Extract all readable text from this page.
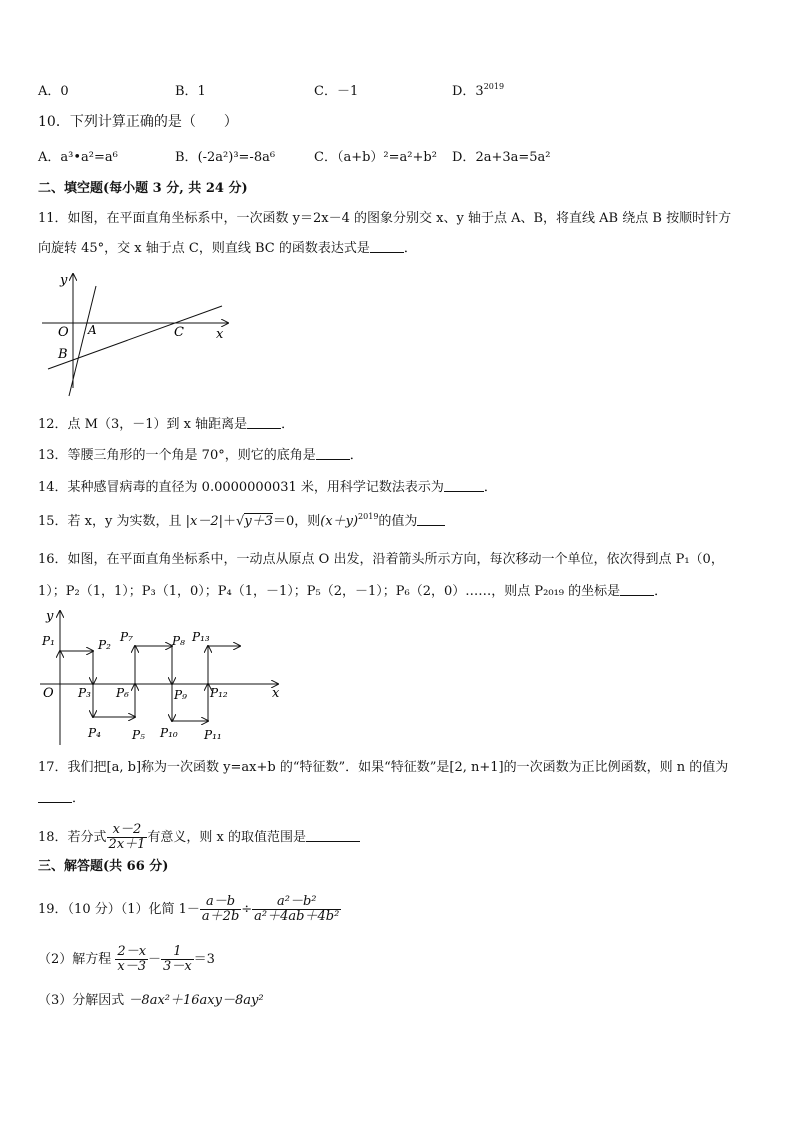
A．0	B．1	C．－1	D．$3^{2019}$
10．下列计算正确的是（　　）
A．a³•a²=a⁶	B．(-2a²)³=-8a⁶	C．（a+b）²=a²+b² D．2a+3a=5a²
二、填空题(每小题 3 分, 共 24 分)
11．如图，在平面直角坐标系中，一次函数 y＝2x－4 的图象分别交 x、y 轴于点 A、B，将直线 AB 绕点 B 按顺时针方
向旋转 45°，交 x 轴于点 C，则直线 BC 的函数表达式是	．
y
x
O A	C
B
12．点 M（3，－1）到 x 轴距离是	．
13．等腰三角形的一个角是 70°，则它的底角是	．
14．某种感冒病毒的直径为 0.0000000031 米，用科学记数法表示为	．
15．若 x，y 为实数，且 |x－2|＋√y＋3＝0，则$(x+y)^{2019}$的值为
16．如图，在平面直角坐标系中，一动点从原点 O 出发，沿着箭头所示方向，每次移动一个单位，依次得到点 P₁（0，
1）；P₂（1，1）；P₃（1，0）；P₄（1，－1）；P₅（2，－1）；P₆（2，0）……，则点 P₂₀₁₉ 的坐标是	．
y
x
O
P₁	P₂
P₃
P₄	P₅
P₆
P₇	P₈
P₉
P₁₀ P₁₁
P₁₂
P₁₃
17．我们把[a, b]称为一次函数 y=ax+b 的“特征数”．如果“特征数”是[2, n+1]的一次函数为正比例函数，则 n 的值为
．
18．若分式 $\frac{x-2}{2x+1}$ 有意义，则 x 的取值范围是
三、解答题(共 66 分)
19．（10 分）（1）化简 $1- \frac{a-b}{a+2b} \div \frac{\text{a²－b²}}{\text{a²＋4ab＋4b²}}$
（2）解方程 $\frac{2-x}{x-3} - \frac{1}{3-x} =3$
（3）分解因式 －8ax²＋16axy－8ay²
